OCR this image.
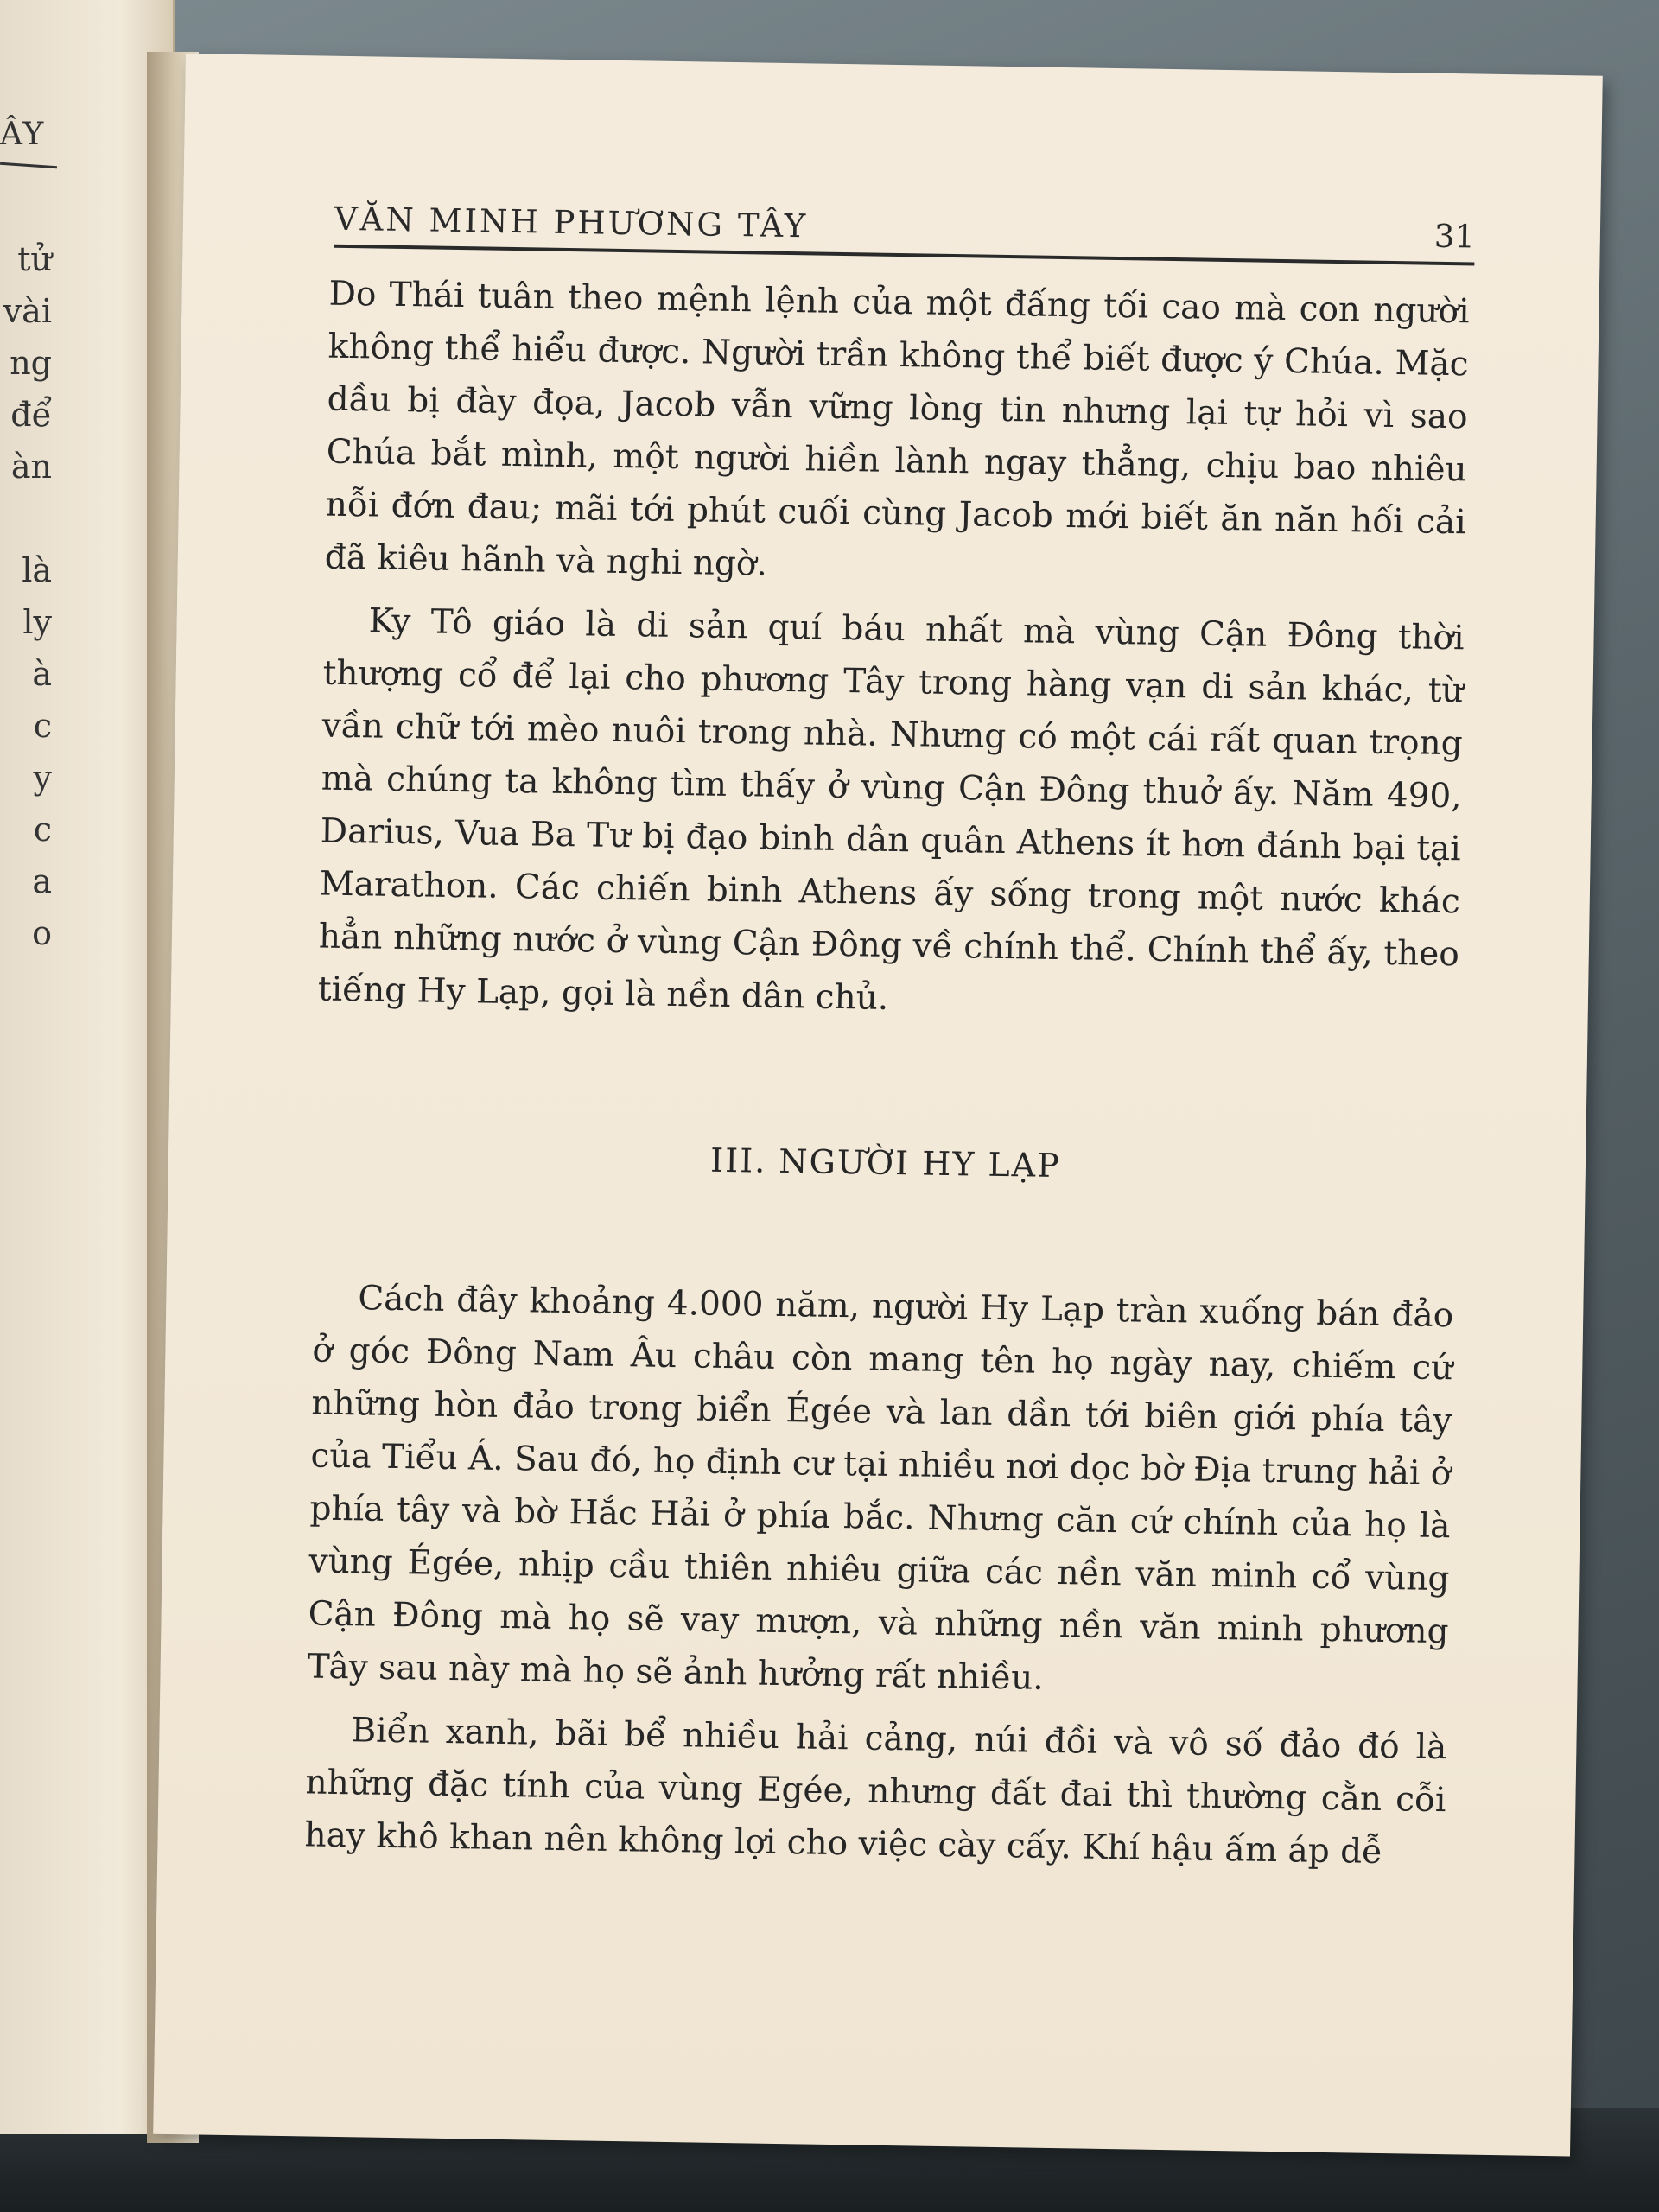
ÂY
tử
vài
ng
để
àn
là
ly
à
c
y
c
a
o
VĂN MINH PHƯƠNG TÂY	31

Do Thái tuân theo mệnh lệnh của một đấng tối cao mà con người không thể hiểu được. Người trần không thể biết được ý Chúa. Mặc dầu bị đày đọa, Jacob vẫn vững lòng tin nhưng lại tự hỏi vì sao Chúa bắt mình, một người hiền lành ngay thẳng, chịu bao nhiêu nỗi đớn đau; mãi tới phút cuối cùng Jacob mới biết ăn năn hối cải đã kiêu hãnh và nghi ngờ.

Ky Tô giáo là di sản quí báu nhất mà vùng Cận Đông thời thượng cổ để lại cho phương Tây trong hàng vạn di sản khác, từ vần chữ tới mèo nuôi trong nhà. Nhưng có một cái rất quan trọng mà chúng ta không tìm thấy ở vùng Cận Đông thuở ấy. Năm 490, Darius, Vua Ba Tư bị đạo binh dân quân Athens ít hơn đánh bại tại Marathon. Các chiến binh Athens ấy sống trong một nước khác hẳn những nước ở vùng Cận Đông về chính thể. Chính thể ấy, theo tiếng Hy Lạp, gọi là nền dân chủ.

III. NGƯỜI HY LẠP

Cách đây khoảng 4.000 năm, người Hy Lạp tràn xuống bán đảo ở góc Đông Nam Âu châu còn mang tên họ ngày nay, chiếm cứ những hòn đảo trong biển Égée và lan dần tới biên giới phía tây của Tiểu Á. Sau đó, họ định cư tại nhiều nơi dọc bờ Địa trung hải ở phía tây và bờ Hắc Hải ở phía bắc. Nhưng căn cứ chính của họ là vùng Égée, nhịp cầu thiên nhiêu giữa các nền văn minh cổ vùng Cận Đông mà họ sẽ vay mượn, và những nền văn minh phương Tây sau này mà họ sẽ ảnh hưởng rất nhiều.

Biển xanh, bãi bể nhiều hải cảng, núi đồi và vô số đảo đó là những đặc tính của vùng Egée, nhưng đất đai thì thường cằn cỗi hay khô khan nên không lợi cho việc cày cấy. Khí hậu ấm áp dễ
